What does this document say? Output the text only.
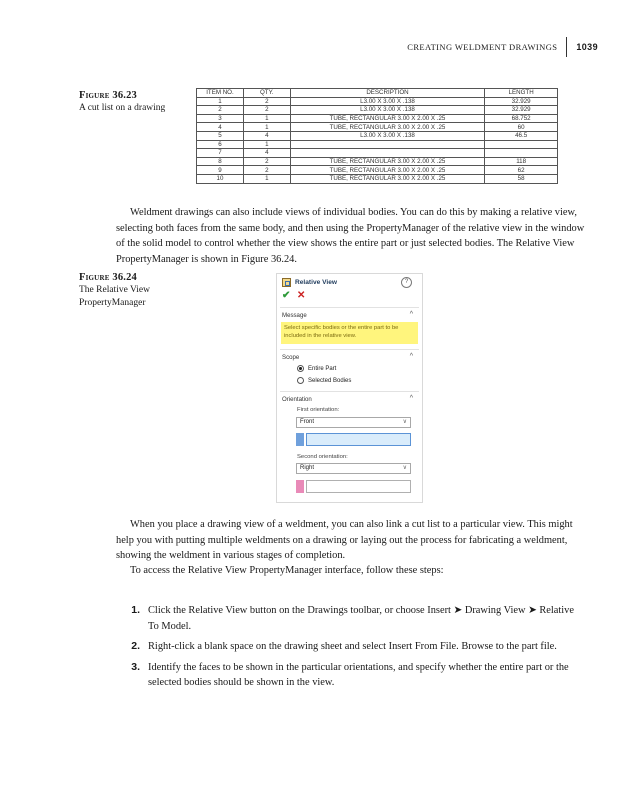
CREATING WELDMENT DRAWINGS 1039
Figure 36.23
A cut list on a drawing
ITEM NO.	QTY.	DESCRIPTION	LENGTH
1	2	L3.00 X 3.00 X .138	32.929
2	2	L3.00 X 3.00 X .138	32.929
3	1	TUBE, RECTANGULAR 3.00 X 2.00 X .25	68.752
4	1	TUBE, RECTANGULAR 3.00 X 2.00 X .25	60
5	4	L3.00 X 3.00 X .138	46.5
6	1		
7	4		
8	2	TUBE, RECTANGULAR 3.00 X 2.00 X .25	118
9	2	TUBE, RECTANGULAR 3.00 X 2.00 X .25	62
10	1	TUBE, RECTANGULAR 3.00 X 2.00 X .25	58

Weldment drawings can also include views of individual bodies. You can do this by making a relative view, selecting both faces from the same body, and then using the PropertyManager of the relative view in the window of the solid model to control whether the view shows the entire part or just selected bodies. The Relative View PropertyManager is shown in Figure 36.24.

Figure 36.24
The Relative View
PropertyManager
Relative View	?
✔ ✕
Message	^
Select specific bodies or the entire part to be included in the relative view.
Scope	^
Entire Part
Selected Bodies
Orientation	^
First orientation:
Front	∨
Second orientation:
Right	∨

When you place a drawing view of a weldment, you can also link a cut list to a particular view. This might help you with putting multiple weldments on a drawing or laying out the process for fabricating a weldment, showing the weldment in various stages of completion.

To access the Relative View PropertyManager interface, follow these steps:

1. Click the Relative View button on the Drawings toolbar, or choose Insert ➤ Drawing View ➤ Relative To Model.
2. Right-click a blank space on the drawing sheet and select Insert From File. Browse to the part file.
3. Identify the faces to be shown in the particular orientations, and specify whether the entire part or the selected bodies should be shown in the view.
